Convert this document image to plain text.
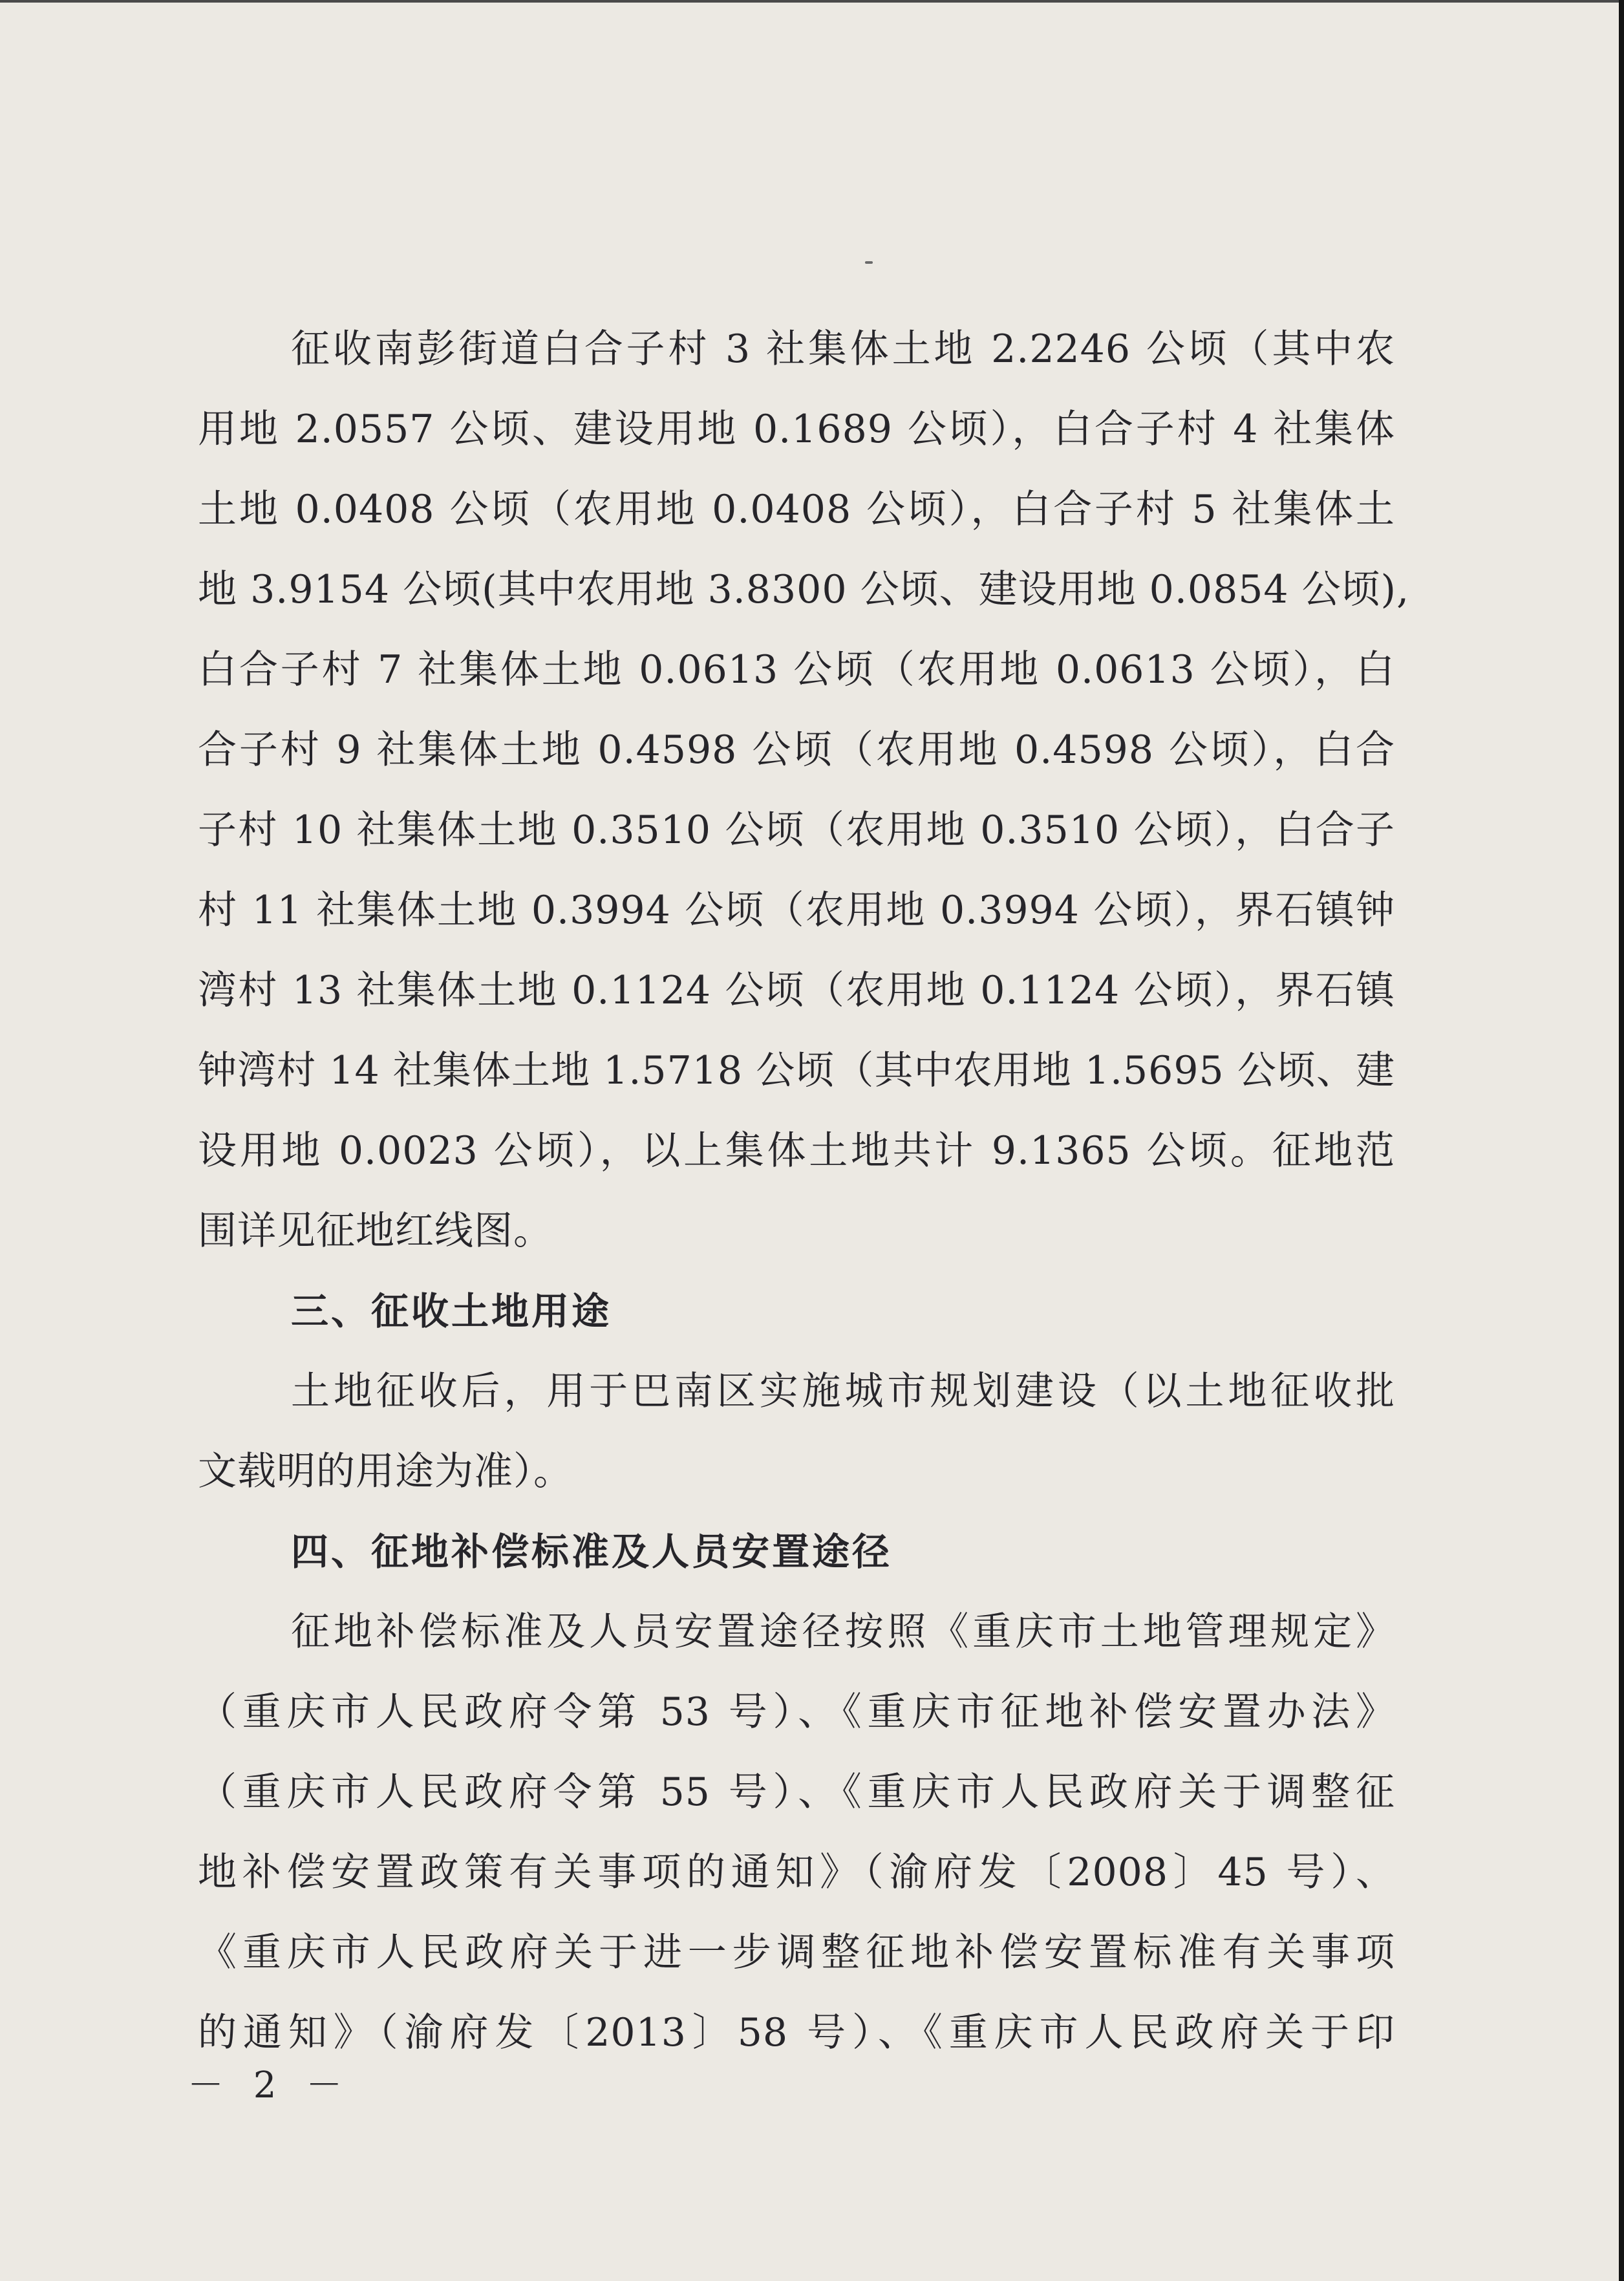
征收南彭街道白合子村 3 社集体土地 2.2246 公顷（其中农
用地 2.0557 公顷、建设用地 0.1689 公顷），白合子村 4 社集体
土地 0.0408 公顷（农用地 0.0408 公顷），白合子村 5 社集体土
地 3.9154 公顷(其中农用地 3.8300 公顷、建设用地 0.0854 公顷),
白合子村 7 社集体土地 0.0613 公顷（农用地 0.0613 公顷），白
合子村 9 社集体土地 0.4598 公顷（农用地 0.4598 公顷），白合
子村 10 社集体土地 0.3510 公顷（农用地 0.3510 公顷），白合子
村 11 社集体土地 0.3994 公顷（农用地 0.3994 公顷），界石镇钟
湾村 13 社集体土地 0.1124 公顷（农用地 0.1124 公顷），界石镇
钟湾村 14 社集体土地 1.5718 公顷（其中农用地 1.5695 公顷、建
设用地 0.0023 公顷），以上集体土地共计 9.1365 公顷。征地范
围详见征地红线图。
三、征收土地用途
土地征收后，用于巴南区实施城市规划建设（以土地征收批
文载明的用途为准）。
四、征地补偿标准及人员安置途径
征地补偿标准及人员安置途径按照《重庆市土地管理规定》
（重庆市人民政府令第 53 号）、《重庆市征地补偿安置办法》
（重庆市人民政府令第 55 号）、《重庆市人民政府关于调整征
地补偿安置政策有关事项的通知》（渝府发〔2008〕45 号）、
《重庆市人民政府关于进一步调整征地补偿安置标准有关事项
的通知》（渝府发〔2013〕58 号）、《重庆市人民政府关于印
－ 2 －
